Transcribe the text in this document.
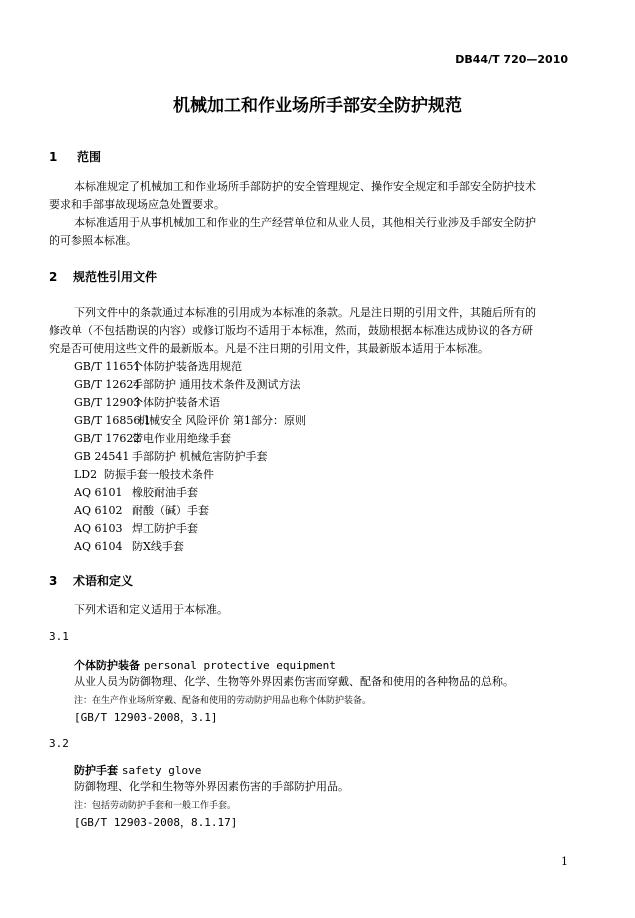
DB44/T 720—2010
机械加工和作业场所手部安全防护规范
1 范围
本标准规定了机械加工和作业场所手部防护的安全管理规定、操作安全规定和手部安全防护技术
要求和手部事故现场应急处置要求。
本标准适用于从事机械加工和作业的生产经营单位和从业人员，其他相关行业涉及手部安全防护
的可参照本标准。
2 规范性引用文件
下列文件中的条款通过本标准的引用成为本标准的条款。凡是注日期的引用文件，其随后所有的
修改单（不包括勘误的内容）或修订版均不适用于本标准，然而，鼓励根据本标准达成协议的各方研
究是否可使用这些文件的最新版本。凡是不注日期的引用文件，其最新版本适用于本标准。
GB/T 11651个体防护装备选用规范
GB/T 12624手部防护 通用技术条件及测试方法
GB/T 12903个体防护装备术语
GB/T 16856.1机械安全 风险评价 第1部分：原则
GB/T 17622带电作业用绝缘手套
GB 24541 手部防护 机械危害防护手套
LD2 防振手套一般技术条件
AQ 6101 橡胶耐油手套
AQ 6102 耐酸（碱）手套
AQ 6103 焊工防护手套
AQ 6104 防X线手套
3 术语和定义
下列术语和定义适用于本标准。
3.1
个体防护装备 personal protective equipment
从业人员为防御物理、化学、生物等外界因素伤害而穿戴、配备和使用的各种物品的总称。
注：在生产作业场所穿戴、配备和使用的劳动防护用品也称个体防护装备。
[GB/T 12903-2008，3.1]
3.2
防护手套 safety glove
防御物理、化学和生物等外界因素伤害的手部防护用品。
注：包括劳动防护手套和一般工作手套。
[GB/T 12903-2008，8.1.17]
1
